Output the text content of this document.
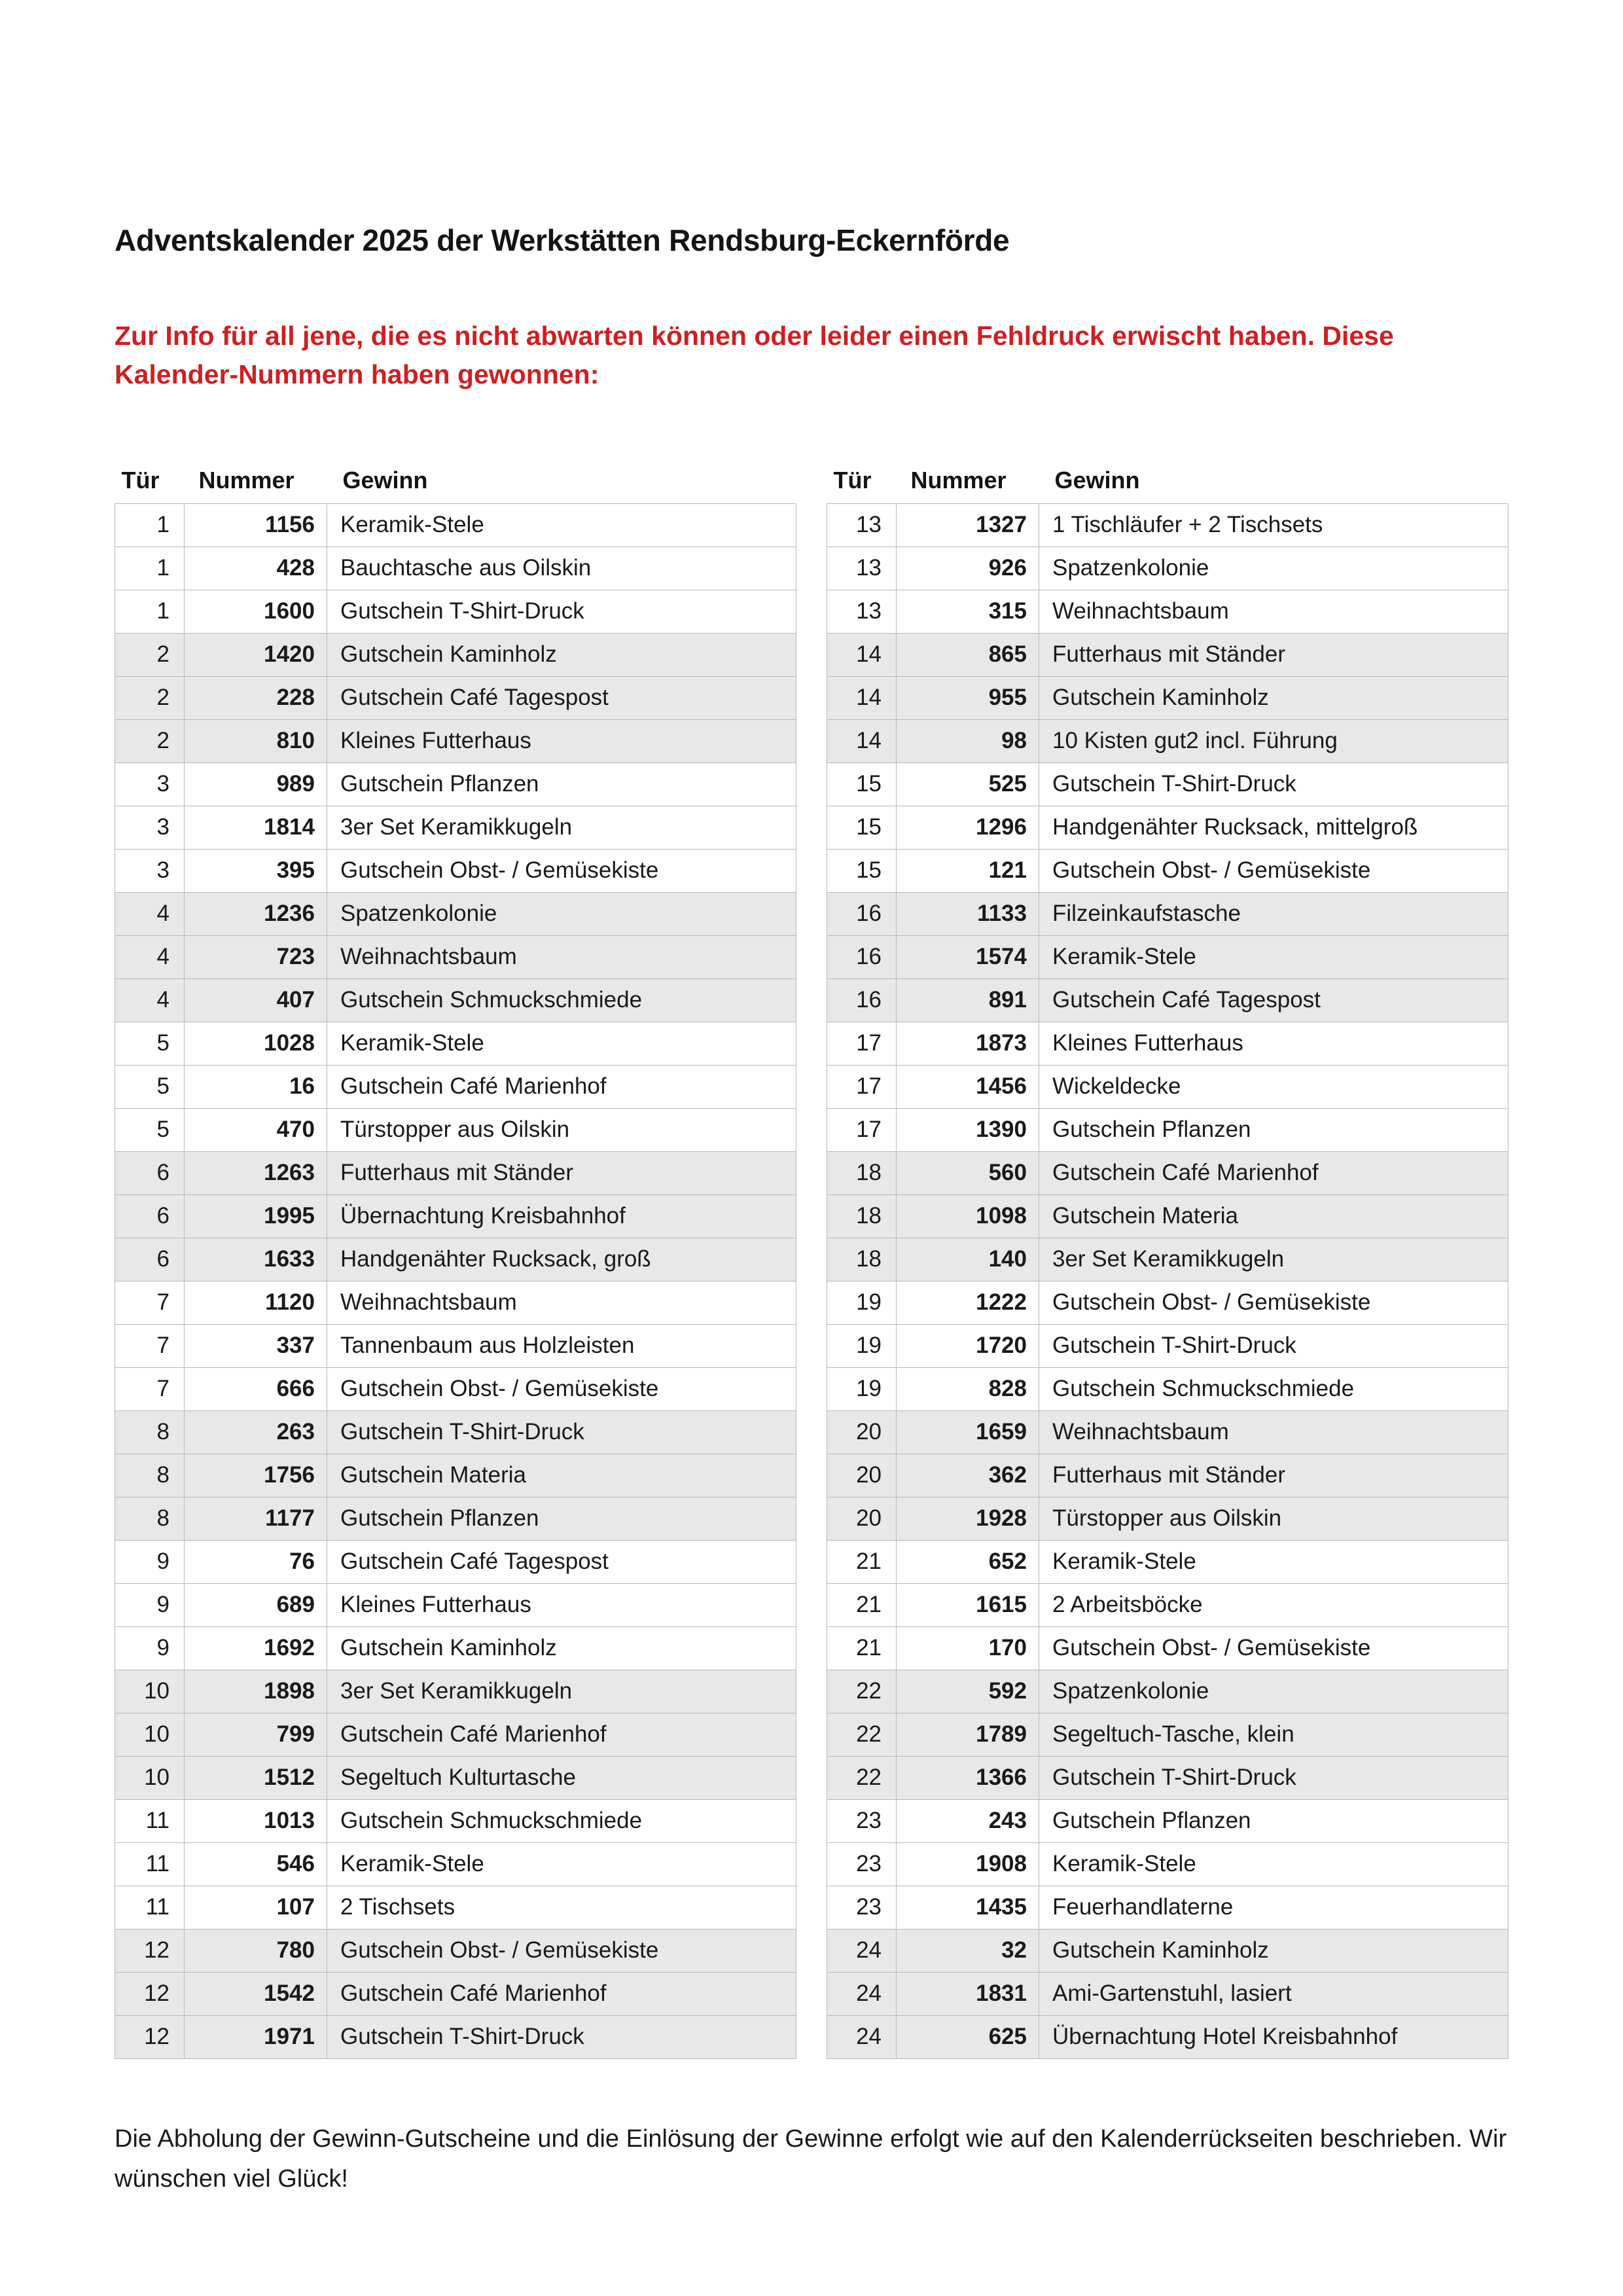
Adventskalender 2025 der Werkstätten Rendsburg-Eckernförde

Zur Info für all jene, die es nicht abwarten können oder leider einen Fehldruck erwischt haben. Diese Kalender-Nummern haben gewonnen:

Tür	Nummer	Gewinn
1	1156	Keramik-Stele
1	428	Bauchtasche aus Oilskin
1	1600	Gutschein T-Shirt-Druck
2	1420	Gutschein Kaminholz
2	228	Gutschein Café Tagespost
2	810	Kleines Futterhaus
3	989	Gutschein Pflanzen
3	1814	3er Set Keramikkugeln
3	395	Gutschein Obst- / Gemüsekiste
4	1236	Spatzenkolonie
4	723	Weihnachtsbaum
4	407	Gutschein Schmuckschmiede
5	1028	Keramik-Stele
5	16	Gutschein Café Marienhof
5	470	Türstopper aus Oilskin
6	1263	Futterhaus mit Ständer
6	1995	Übernachtung Kreisbahnhof
6	1633	Handgenähter Rucksack, groß
7	1120	Weihnachtsbaum
7	337	Tannenbaum aus Holzleisten
7	666	Gutschein Obst- / Gemüsekiste
8	263	Gutschein T-Shirt-Druck
8	1756	Gutschein Materia
8	1177	Gutschein Pflanzen
9	76	Gutschein Café Tagespost
9	689	Kleines Futterhaus
9	1692	Gutschein Kaminholz
10	1898	3er Set Keramikkugeln
10	799	Gutschein Café Marienhof
10	1512	Segeltuch Kulturtasche
11	1013	Gutschein Schmuckschmiede
11	546	Keramik-Stele
11	107	2 Tischsets
12	780	Gutschein Obst- / Gemüsekiste
12	1542	Gutschein Café Marienhof
12	1971	Gutschein T-Shirt-Druck
Tür	Nummer	Gewinn
13	1327	1 Tischläufer + 2 Tischsets
13	926	Spatzenkolonie
13	315	Weihnachtsbaum
14	865	Futterhaus mit Ständer
14	955	Gutschein Kaminholz
14	98	10 Kisten gut2 incl. Führung
15	525	Gutschein T-Shirt-Druck
15	1296	Handgenähter Rucksack, mittelgroß
15	121	Gutschein Obst- / Gemüsekiste
16	1133	Filzeinkaufstasche
16	1574	Keramik-Stele
16	891	Gutschein Café Tagespost
17	1873	Kleines Futterhaus
17	1456	Wickeldecke
17	1390	Gutschein Pflanzen
18	560	Gutschein Café Marienhof
18	1098	Gutschein Materia
18	140	3er Set Keramikkugeln
19	1222	Gutschein Obst- / Gemüsekiste
19	1720	Gutschein T-Shirt-Druck
19	828	Gutschein Schmuckschmiede
20	1659	Weihnachtsbaum
20	362	Futterhaus mit Ständer
20	1928	Türstopper aus Oilskin
21	652	Keramik-Stele
21	1615	2 Arbeitsböcke
21	170	Gutschein Obst- / Gemüsekiste
22	592	Spatzenkolonie
22	1789	Segeltuch-Tasche, klein
22	1366	Gutschein T-Shirt-Druck
23	243	Gutschein Pflanzen
23	1908	Keramik-Stele
23	1435	Feuerhandlaterne
24	32	Gutschein Kaminholz
24	1831	Ami-Gartenstuhl, lasiert
24	625	Übernachtung Hotel Kreisbahnhof

Die Abholung der Gewinn-Gutscheine und die Einlösung der Gewinne erfolgt wie auf den Kalenderrückseiten beschrieben. Wir wünschen viel Glück!
